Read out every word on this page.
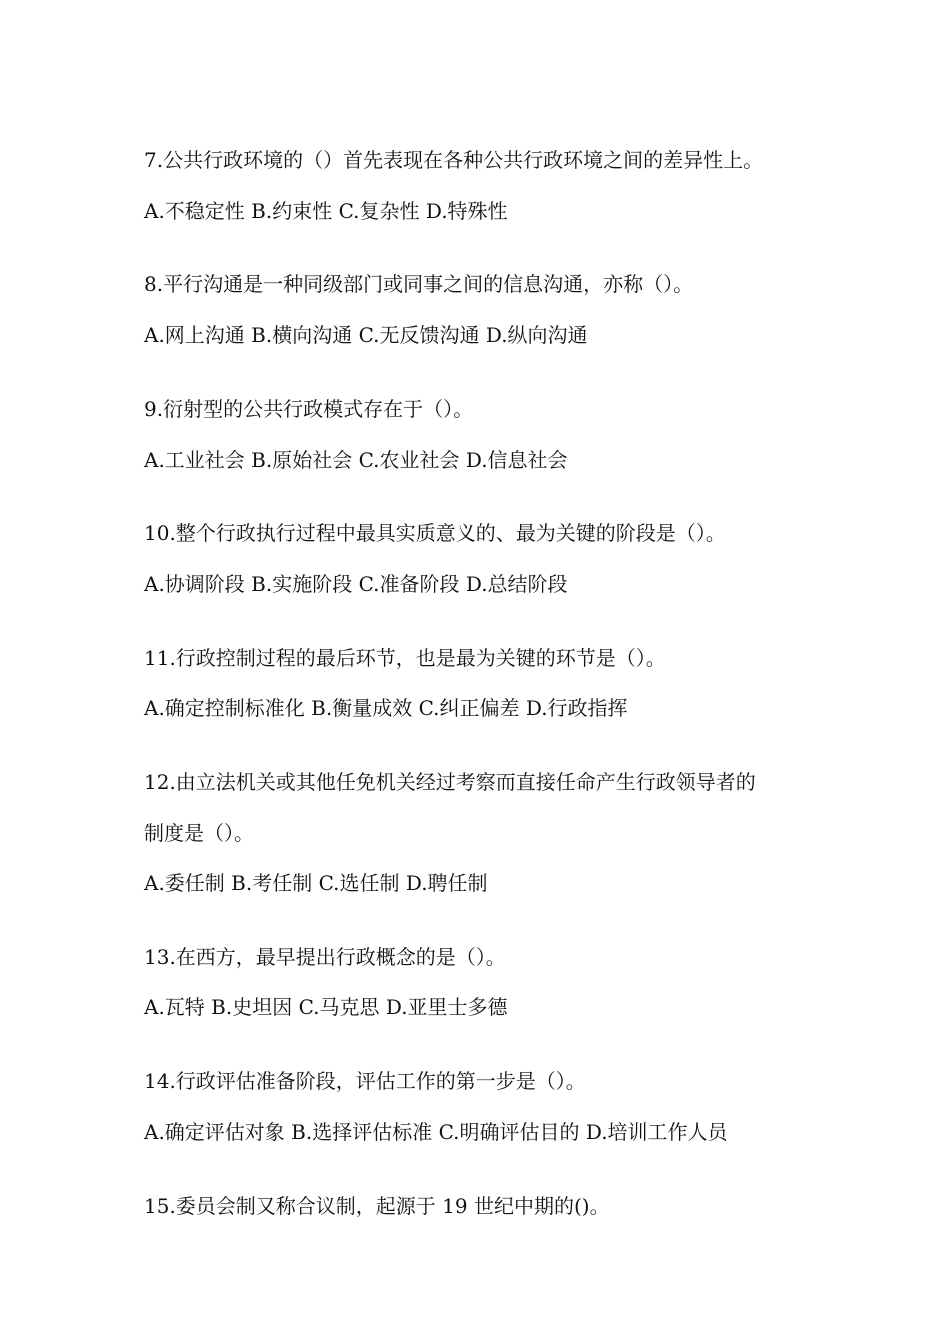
7.公共行政环境的（）首先表现在各种公共行政环境之间的差异性上。
A.不稳定性 B.约束性 C.复杂性 D.特殊性
8.平行沟通是一种同级部门或同事之间的信息沟通，亦称（）。
A.网上沟通 B.横向沟通 C.无反馈沟通 D.纵向沟通
9.衍射型的公共行政模式存在于（）。
A.工业社会 B.原始社会 C.农业社会 D.信息社会
10.整个行政执行过程中最具实质意义的、最为关键的阶段是（）。
A.协调阶段 B.实施阶段 C.准备阶段 D.总结阶段
11.行政控制过程的最后环节，也是最为关键的环节是（）。
A.确定控制标准化 B.衡量成效 C.纠正偏差 D.行政指挥
12.由立法机关或其他任免机关经过考察而直接任命产生行政领导者的
制度是（）。
A.委任制 B.考任制 C.选任制 D.聘任制
13.在西方，最早提出行政概念的是（）。
A.瓦特 B.史坦因 C.马克思 D.亚里士多德
14.行政评估准备阶段，评估工作的第一步是（）。
A.确定评估对象 B.选择评估标准 C.明确评估目的 D.培训工作人员
15.委员会制又称合议制，起源于 19 世纪中期的()。
